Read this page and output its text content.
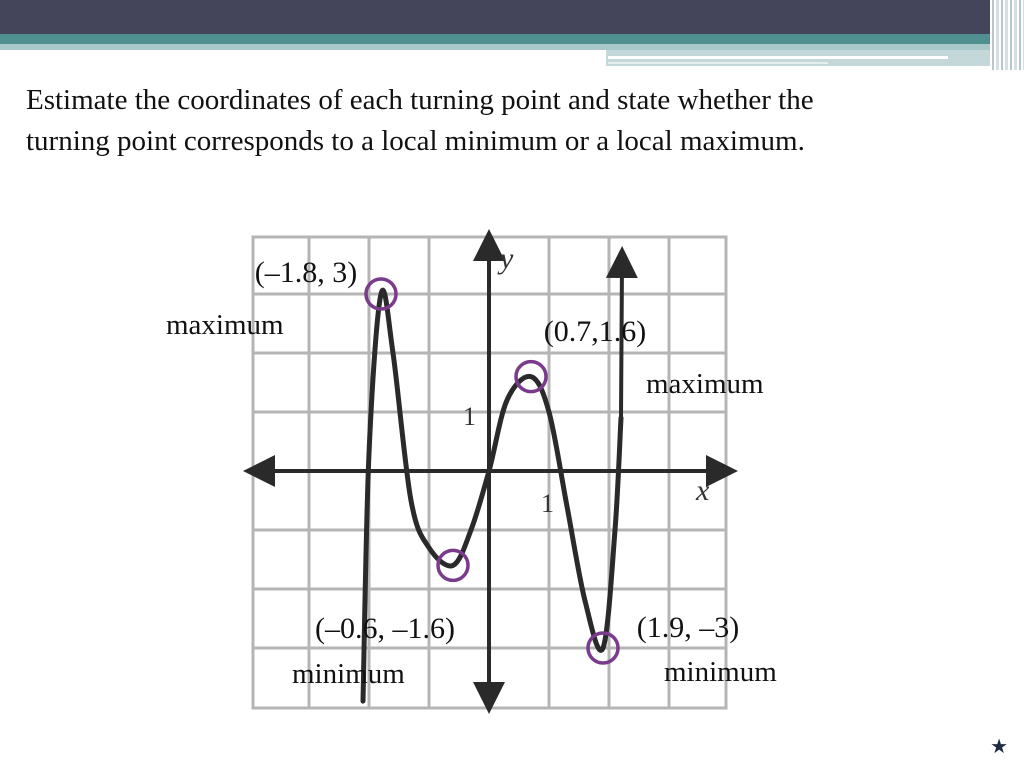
Estimate the coordinates of each turning point and state whether the turning point corresponds to a local minimum or a local maximum.

(–1.8, 3)
maximum	(0.7,1.6)
maximum
(–0.6, –1.6)
minimum
(1.9, –3)
minimum
1
1
y
x
★
